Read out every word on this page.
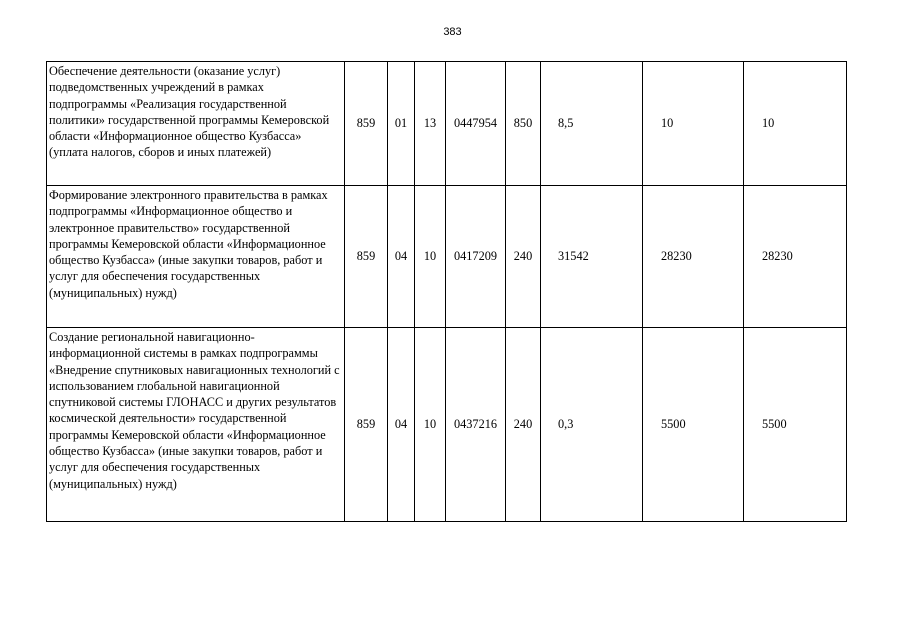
383
Обеспечение деятельности (оказание услуг) подведомственных учреждений в рамках подпрограммы «Реализация государственной политики» государственной программы Кемеровской области «Информационное общество Кузбасса» (уплата налогов, сборов и иных платежей)	859	01	13	0447954	850	8,5	10	10
Формирование электронного правительства в рамках подпрограммы «Информационное общество и электронное правительство» государственной программы Кемеровской области «Информационное общество Кузбасса» (иные закупки товаров, работ и услуг для обеспечения государственных (муниципальных) нужд)	859	04	10	0417209	240	31542	28230	28230
Создание региональной навигационно-информационной системы в рамках подпрограммы «Внедрение спутниковых навигационных технологий с использованием глобальной навигационной спутниковой системы ГЛОНАСС и других результатов космической деятельности» государственной программы Кемеровской области «Информационное общество Кузбасса» (иные закупки товаров, работ и услуг для обеспечения государственных (муниципальных) нужд)	859	04	10	0437216	240	0,3	5500	5500
